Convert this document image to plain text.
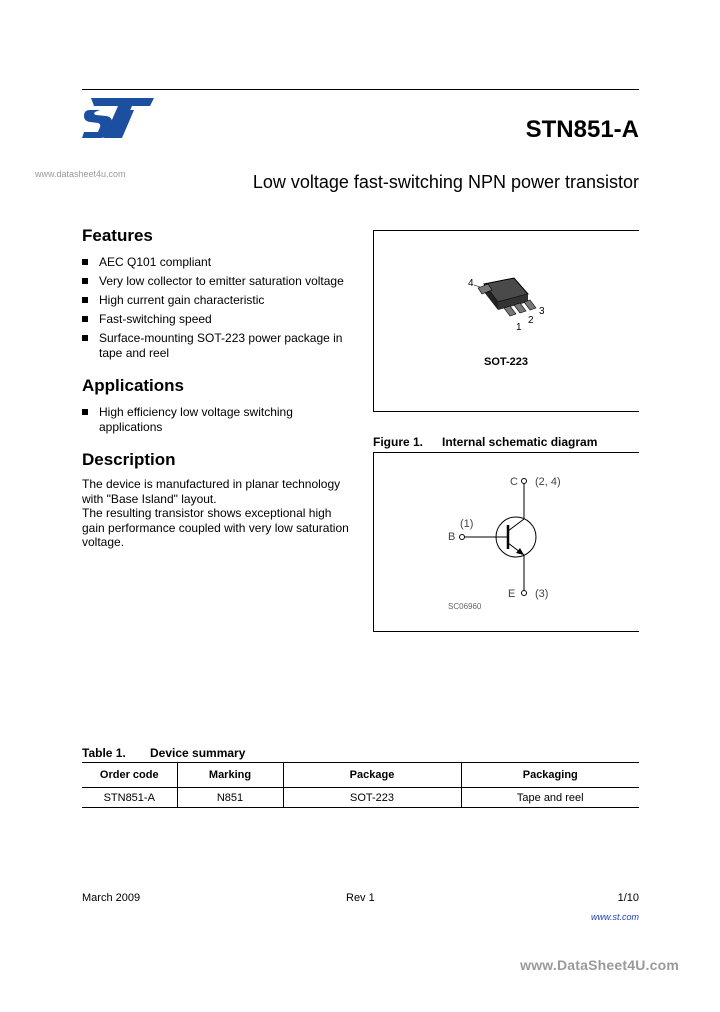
STN851-A
www.datasheet4u.com	Low voltage fast-switching NPN power transistor
Features
AEC Q101 compliant
Very low collector to emitter saturation voltage
High current gain characteristic
Fast-switching speed
Surface-mounting SOT-223 power package in tape and reel
Applications
High efficiency low voltage switching applications
Description

The device is manufactured in planar technology with "Base Island" layout.

The resulting transistor shows exceptional high gain performance coupled with very low saturation voltage.

4
1
2
3
SOT-223
Figure 1. Internal schematic diagram
C (2, 4)
(1)
B
E (3)
SC06960
Table 1. Device summary
Order code	Marking	Package	Packaging
STN851-A	N851	SOT-223	Tape and reel
March 2009	Rev 1	1/10
www.st.com
www.DataSheet4U.com
